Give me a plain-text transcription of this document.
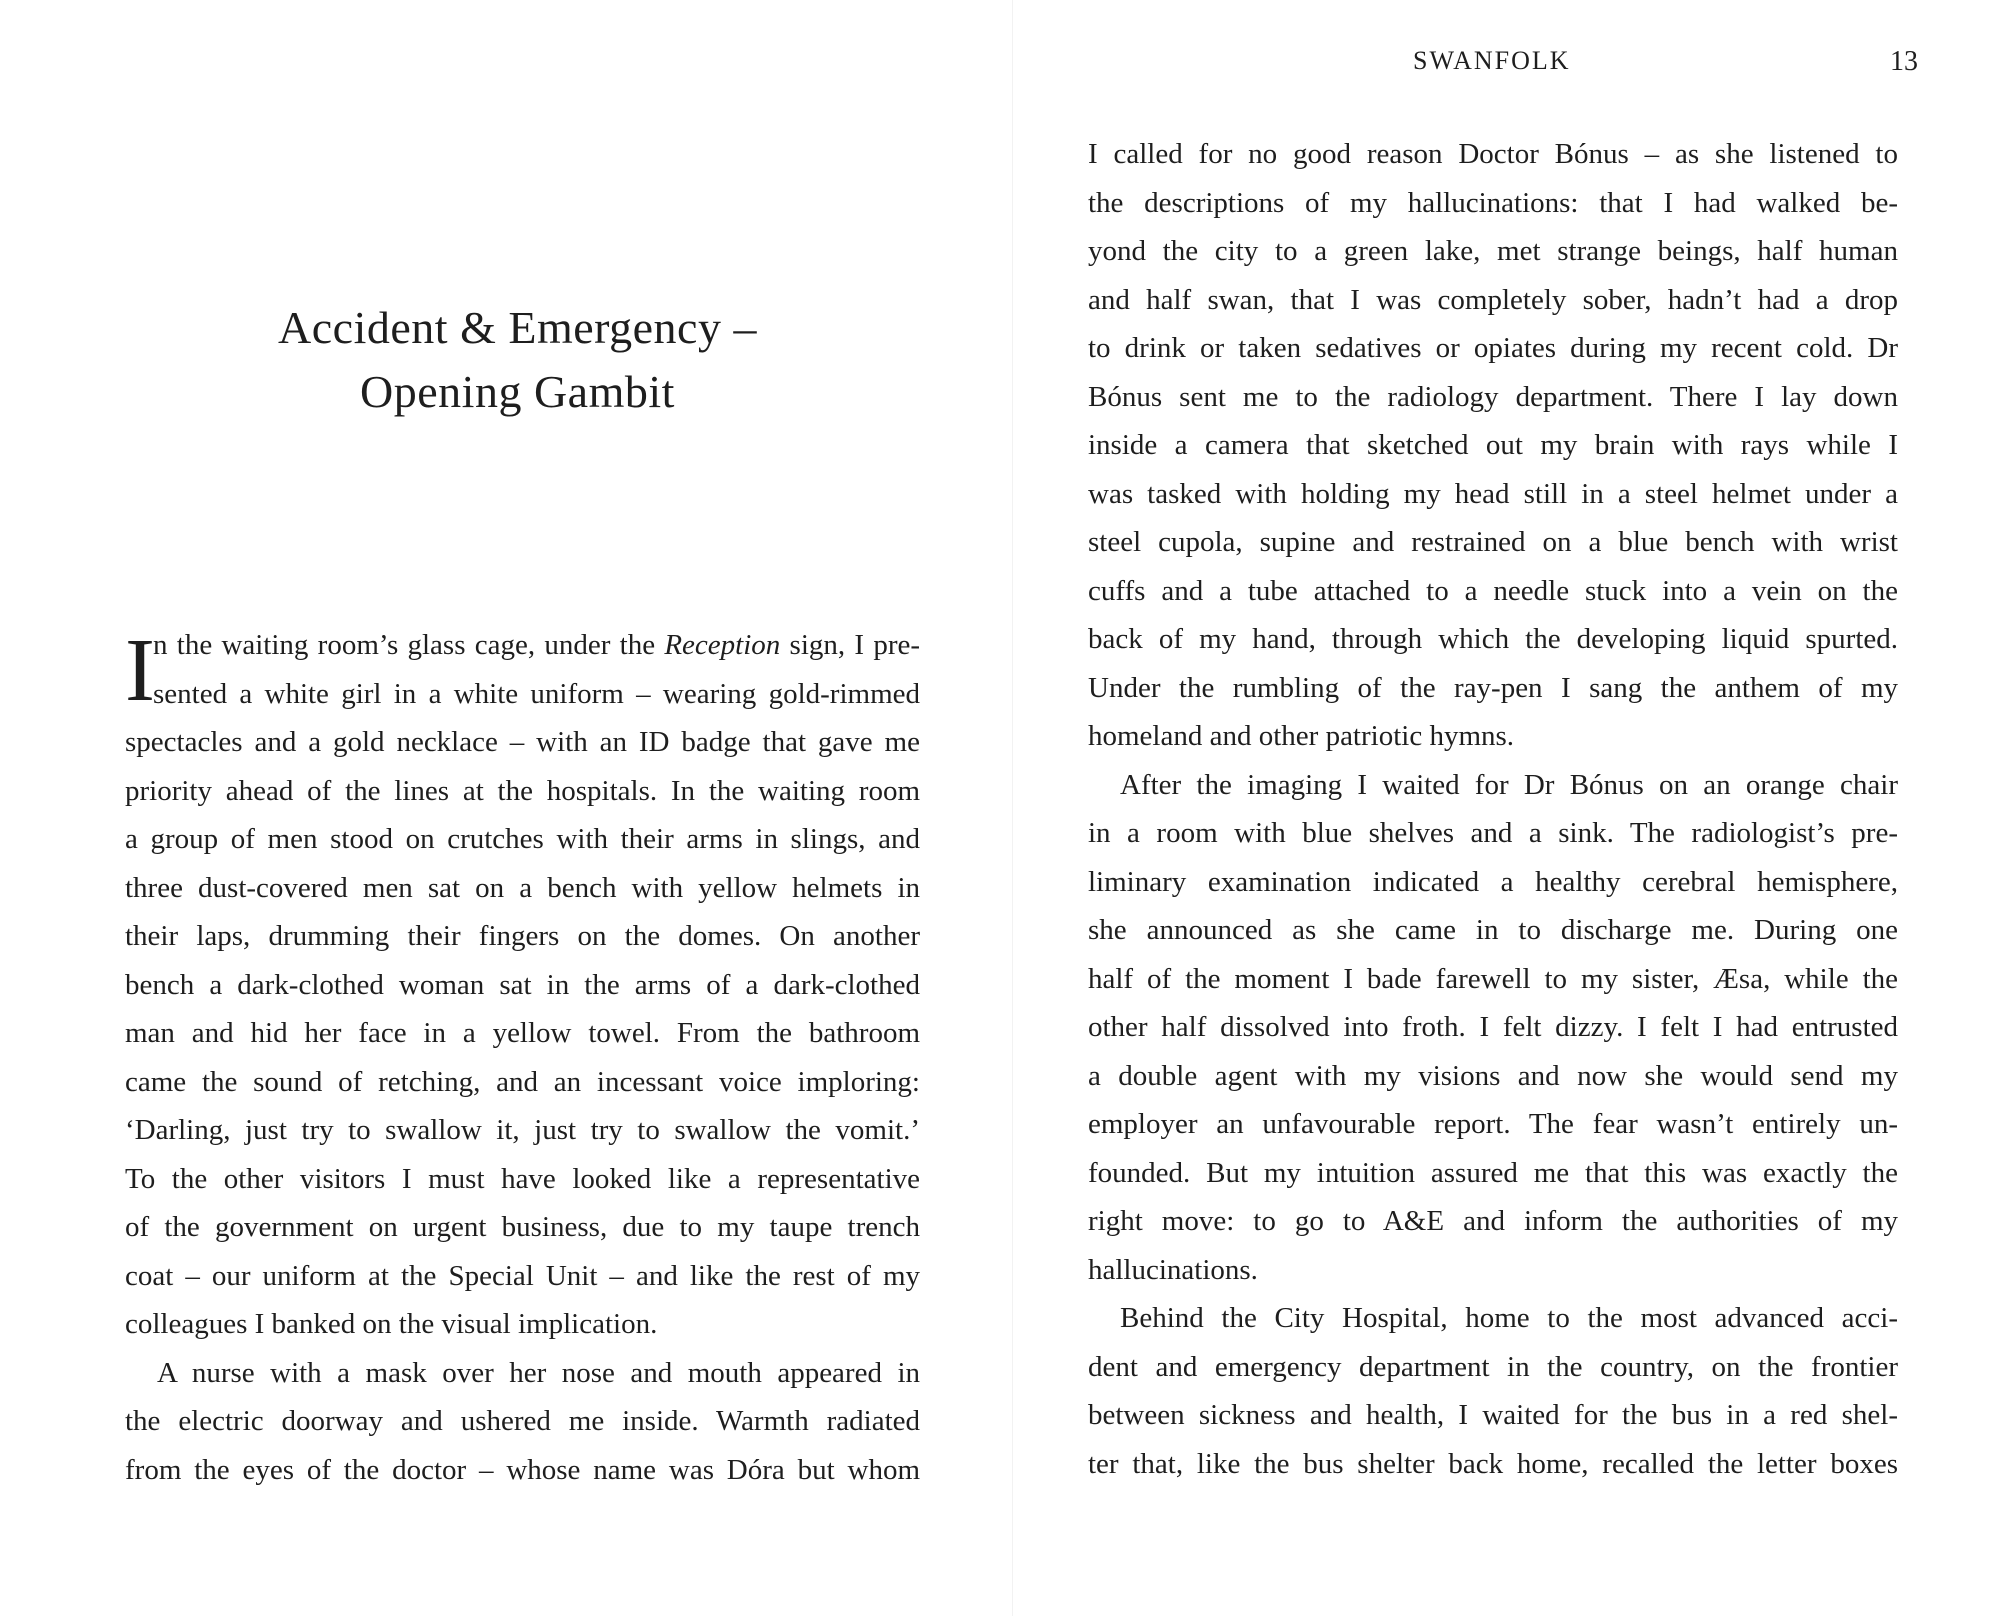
Accident & Emergency –
Opening Gambit
I
n the waiting room’s glass cage, under the Reception sign, I pre-
sented a white girl in a white uniform – wearing gold-rimmed
spectacles and a gold necklace – with an ID badge that gave me
priority ahead of the lines at the hospitals. In the waiting room
a group of men stood on crutches with their arms in slings, and
three dust-covered men sat on a bench with yellow helmets in
their laps, drumming their fingers on the domes. On another
bench a dark-clothed woman sat in the arms of a dark-clothed
man and hid her face in a yellow towel. From the bathroom
came the sound of retching, and an incessant voice imploring:
‘Darling, just try to swallow it, just try to swallow the vomit.’
To the other visitors I must have looked like a representative
of the government on urgent business, due to my taupe trench
coat – our uniform at the Special Unit – and like the rest of my
colleagues I banked on the visual implication.
A nurse with a mask over her nose and mouth appeared in
the electric doorway and ushered me inside. Warmth radiated
from the eyes of the doctor – whose name was Dóra but whom
SWANFOLK	13
I called for no good reason Doctor Bónus – as she listened to
the descriptions of my hallucinations: that I had walked be-
yond the city to a green lake, met strange beings, half human
and half swan, that I was completely sober, hadn’t had a drop
to drink or taken sedatives or opiates during my recent cold. Dr
Bónus sent me to the radiology department. There I lay down
inside a camera that sketched out my brain with rays while I
was tasked with holding my head still in a steel helmet under a
steel cupola, supine and restrained on a blue bench with wrist
cuffs and a tube attached to a needle stuck into a vein on the
back of my hand, through which the developing liquid spurted.
Under the rumbling of the ray-pen I sang the anthem of my
homeland and other patriotic hymns.
After the imaging I waited for Dr Bónus on an orange chair
in a room with blue shelves and a sink. The radiologist’s pre-
liminary examination indicated a healthy cerebral hemisphere,
she announced as she came in to discharge me. During one
half of the moment I bade farewell to my sister, Æsa, while the
other half dissolved into froth. I felt dizzy. I felt I had entrusted
a double agent with my visions and now she would send my
employer an unfavourable report. The fear wasn’t entirely un-
founded. But my intuition assured me that this was exactly the
right move: to go to A&E and inform the authorities of my
hallucinations.
Behind the City Hospital, home to the most advanced acci-
dent and emergency department in the country, on the frontier
between sickness and health, I waited for the bus in a red shel-
ter that, like the bus shelter back home, recalled the letter boxes
